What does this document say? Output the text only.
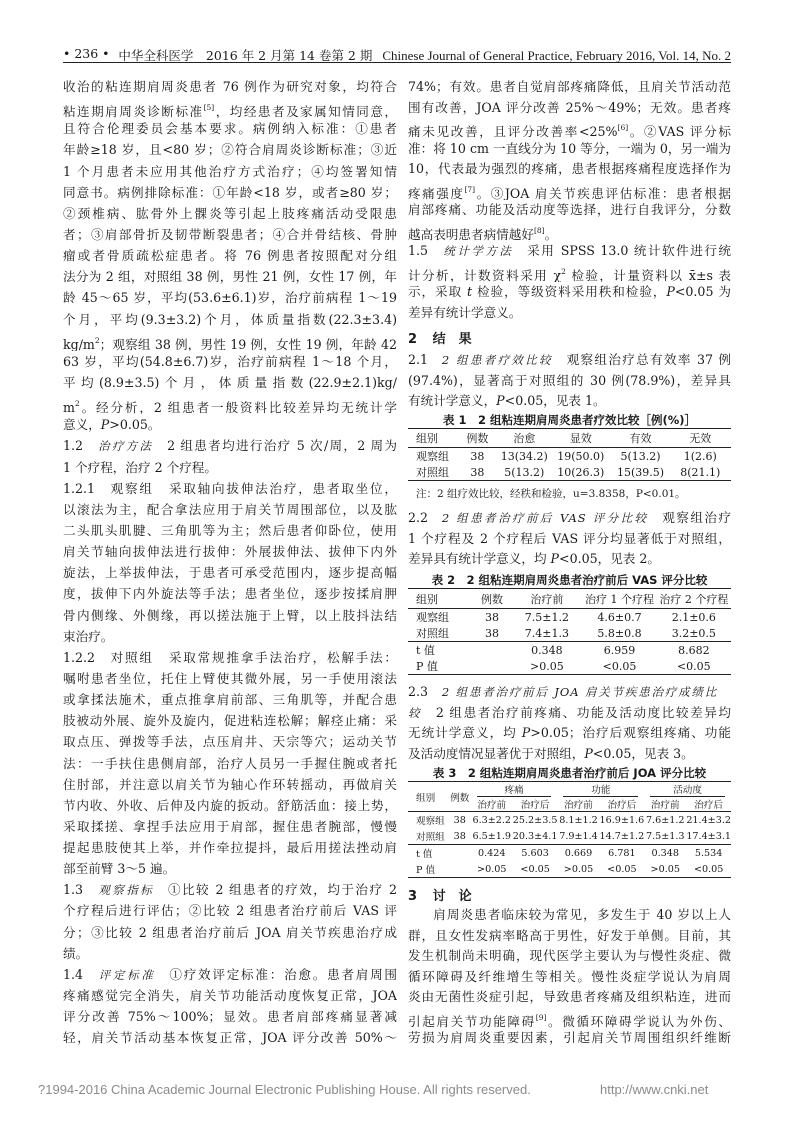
• 236 • 中华全科医学　2016 年 2 月第 14 卷第 2 期 Chinese Journal of General Practice, February 2016, Vol. 14, No. 2
收治的粘连期肩周炎患者 76 例作为研究对象，均符合
粘连期肩周炎诊断标准[5]，均经患者及家属知情同意，
且符合伦理委员会基本要求。病例纳入标准：①患者
年龄≥18 岁，且<80 岁；②符合肩周炎诊断标准；③近
1 个月患者未应用其他治疗方式治疗；④均签署知情
同意书。病例排除标准：①年龄<18 岁，或者≥80 岁；
②颈椎病、肱骨外上髁炎等引起上肢疼痛活动受限患
者；③肩部骨折及韧带断裂患者；④合并骨结核、骨肿
瘤或者骨质疏松症患者。将 76 例患者按照配对分组
法分为 2 组，对照组 38 例，男性 21 例，女性 17 例，年
龄 45～65 岁，平均(53.6±6.1)岁，治疗前病程 1～19
个月，平均(9.3±3.2)个月，体质量指数(22.3±3.4)
$kg/m^2$；观察组 38 例，男性 19 例，女性 19 例，年龄 42
63 岁，平均(54.8±6.7)岁，治疗前病程 1～18 个月，
平均(8.9±3.5)个月，体质量指数(22.9±2.1)kg/
$m^2$。经分析，2 组患者一般资料比较差异均无统计学
意义，P>0.05。
1.2 治疗方法 2 组患者均进行治疗 5 次/周，2 周为
1 个疗程，治疗 2 个疗程。
1.2.1 观察组 采取轴向拔伸法治疗，患者取坐位，
以滚法为主，配合拿法应用于肩关节周围部位，以及肱
二头肌头肌腱、三角肌等为主；然后患者仰卧位，使用
肩关节轴向拔伸法进行拔伸：外展拔伸法、拔伸下内外
旋法，上举拔伸法，于患者可承受范围内，逐步提高幅
度，拔伸下内外旋法等手法；患者坐位，逐步按揉肩胛
骨内侧缘、外侧缘，再以搓法施于上臂，以上肢抖法结
束治疗。
1.2.2 对照组 采取常规推拿手法治疗，松解手法：
嘱咐患者坐位，托住上臂使其微外展，另一手使用滚法
或拿揉法施术，重点推拿肩前部、三角肌等，并配合患
肢被动外展、旋外及旋内，促进粘连松解；解痉止痛：采
取点压、弹拨等手法，点压肩井、天宗等穴；运动关节
法：一手扶住患侧肩部，治疗人员另一手握住腕或者托
住肘部，并注意以肩关节为轴心作环转摇动，再做肩关
节内收、外收、后伸及内旋的扳动。舒筋活血：接上势，
采取揉搓、拿捏手法应用于肩部，握住患者腕部，慢慢
提起患肢使其上举，并作牵拉提抖，最后用搓法挫动肩
部至前臂 3～5 遍。
1.3 观察指标 ①比较 2 组患者的疗效，均于治疗 2
个疗程后进行评估；②比较 2 组患者治疗前后 VAS 评
分；③比较 2 组患者治疗前后 JOA 肩关节疾患治疗成
绩。
1.4 评定标准 ①疗效评定标准：治愈。患者肩周围
疼痛感觉完全消失，肩关节功能活动度恢复正常，JOA
评分改善 75%～100%；显效。患者肩部疼痛显著减
轻，肩关节活动基本恢复正常，JOA 评分改善 50%～
74%；有效。患者自觉肩部疼痛降低，且肩关节活动范
围有改善，JOA 评分改善 25%～49%；无效。患者疼
痛未见改善，且评分改善率<25%[6]。②VAS 评分标
准：将 10 cm 一直线分为 10 等分，一端为 0，另一端为
10，代表最为强烈的疼痛，患者根据疼痛程度选择作为
疼痛强度[7]。③JOA 肩关节疾患评估标准：患者根据
肩部疼痛、功能及活动度等选择，进行自我评分，分数
越高表明患者病情越好[8]。
1.5 统计学方法 采用 SPSS 13.0 统计软件进行统
计分析，计数资料采用 $\chi^2$ 检验，计量资料以 x̄±s 表
示，采取 t 检验，等级资料采用秩和检验，P<0.05 为
差异有统计学意义。
2 结果
2.1 2 组患者疗效比较 观察组治疗总有效率 37 例
(97.4%)，显著高于对照组的 30 例(78.9%)，差异具
有统计学意义，P<0.05，见表 1。
表 1　2 组粘连期肩周炎患者疗效比较［例(%)］
组别	例数	治愈	显效	有效	无效
观察组	38	13(34.2)	19(50.0)	5(13.2)	1(2.6)
对照组	38	5(13.2)	10(26.3)	15(39.5)	8(21.1)
注：2 组疗效比较，经秩和检验，u=3.8358，P<0.01。
2.2 2 组患者治疗前后 VAS 评分比较 观察组治疗
1 个疗程及 2 个疗程后 VAS 评分均显著低于对照组，
差异具有统计学意义，均 P<0.05，见表 2。
表 2　2 组粘连期肩周炎患者治疗前后 VAS 评分比较
组别	例数	治疗前	治疗 1 个疗程	治疗 2 个疗程
观察组	38	7.5±1.2	4.6±0.7	2.1±0.6
对照组	38	7.4±1.3	5.8±0.8	3.2±0.5
t 值		0.348	6.959	8.682
P 值		>0.05	<0.05	<0.05
2.3 2 组患者治疗前后 JOA 肩关节疾患治疗成绩比
较 2 组患者治疗前疼痛、功能及活动度比较差异均
无统计学意义，均 P>0.05；治疗后观察组疼痛、功能
及活动度情况显著优于对照组，P<0.05，见表 3。
表 3　2 组粘连期肩周炎患者治疗前后 JOA 评分比较
组别	例数	疼痛		功能		活动度	

		治疗前	治疗后	治疗前	治疗后	治疗前	治疗后
观察组	38	6.3±2.2	25.2±3.5	8.1±1.2	16.9±1.6	7.6±1.2	21.4±3.2
对照组	38	6.5±1.9	20.3±4.1	7.9±1.4	14.7±1.2	7.5±1.3	17.4±3.1
t 值		0.424	5.603	0.669	6.781	0.348	5.534
P 值		>0.05	<0.05	>0.05	<0.05	>0.05	<0.05
3 讨论
肩周炎患者临床较为常见，多发生于 40 岁以上人
群，且女性发病率略高于男性，好发于单侧。目前，其
发生机制尚未明确，现代医学主要认为与慢性炎症、微
循环障碍及纤维增生等相关。慢性炎症学说认为肩周
炎由无菌性炎症引起，导致患者疼痛及组织粘连，进而
引起肩关节功能障碍[9]。微循环障碍学说认为外伤、
劳损为肩周炎重要因素，引起肩关节周围组织纤维断
?1994-2016 China Academic Journal Electronic Publishing House. All rights reserved.	http://www.cnki.net
